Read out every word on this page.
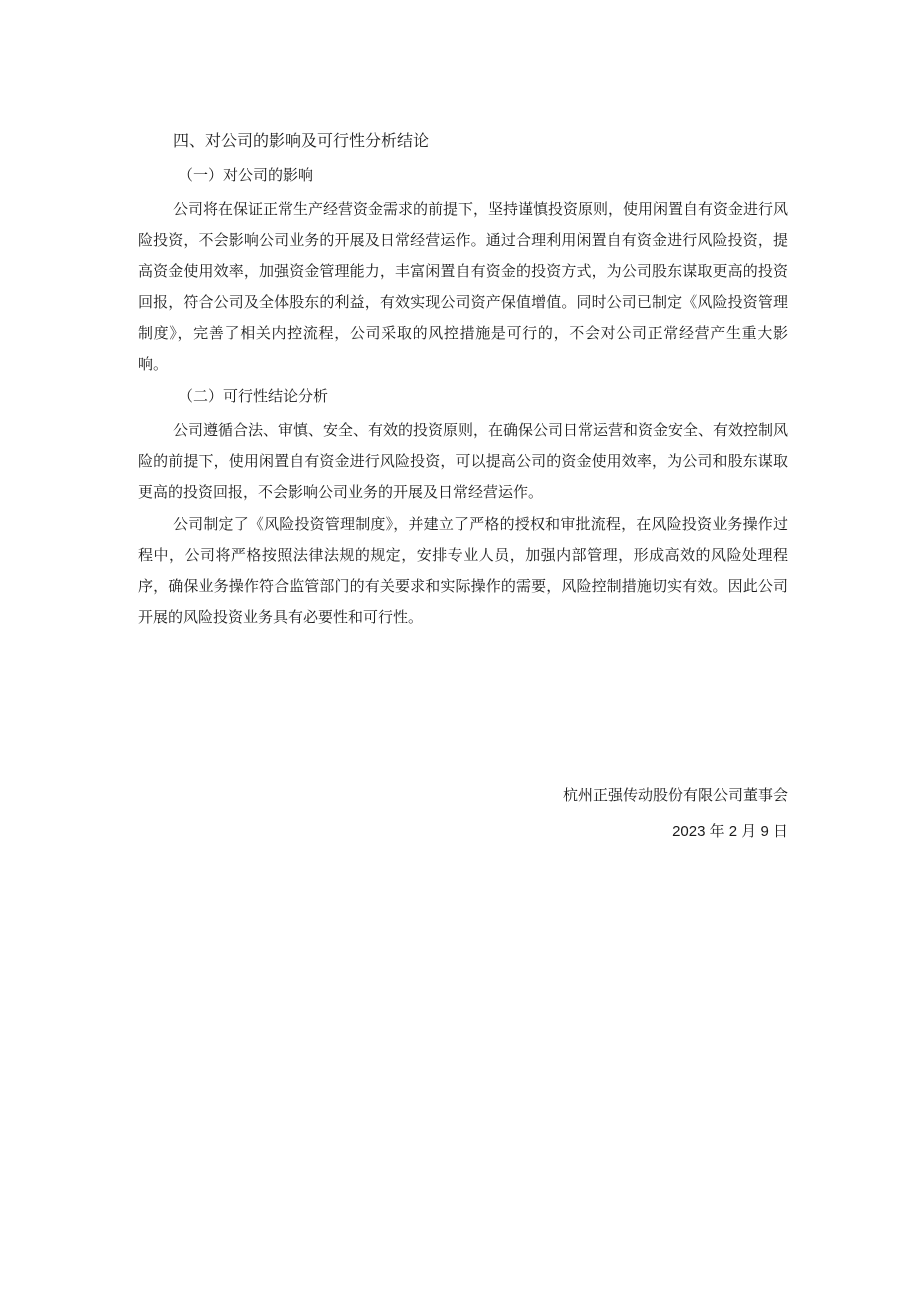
四、对公司的影响及可行性分析结论
（一）对公司的影响

公司将在保证正常生产经营资金需求的前提下，坚持谨慎投资原则，使用闲置自有资金进行风险投资，不会影响公司业务的开展及日常经营运作。通过合理利用闲置自有资金进行风险投资，提高资金使用效率，加强资金管理能力，丰富闲置自有资金的投资方式，为公司股东谋取更高的投资回报，符合公司及全体股东的利益，有效实现公司资产保值增值。同时公司已制定《风险投资管理制度》，完善了相关内控流程，公司采取的风控措施是可行的，不会对公司正常经营产生重大影响。

（二）可行性结论分析

公司遵循合法、审慎、安全、有效的投资原则，在确保公司日常运营和资金安全、有效控制风险的前提下，使用闲置自有资金进行风险投资，可以提高公司的资金使用效率，为公司和股东谋取更高的投资回报，不会影响公司业务的开展及日常经营运作。

公司制定了《风险投资管理制度》，并建立了严格的授权和审批流程，在风险投资业务操作过程中，公司将严格按照法律法规的规定，安排专业人员，加强内部管理，形成高效的风险处理程序，确保业务操作符合监管部门的有关要求和实际操作的需要，风险控制措施切实有效。因此公司开展的风险投资业务具有必要性和可行性。

杭州正强传动股份有限公司董事会
2023 年 2 月 9 日
